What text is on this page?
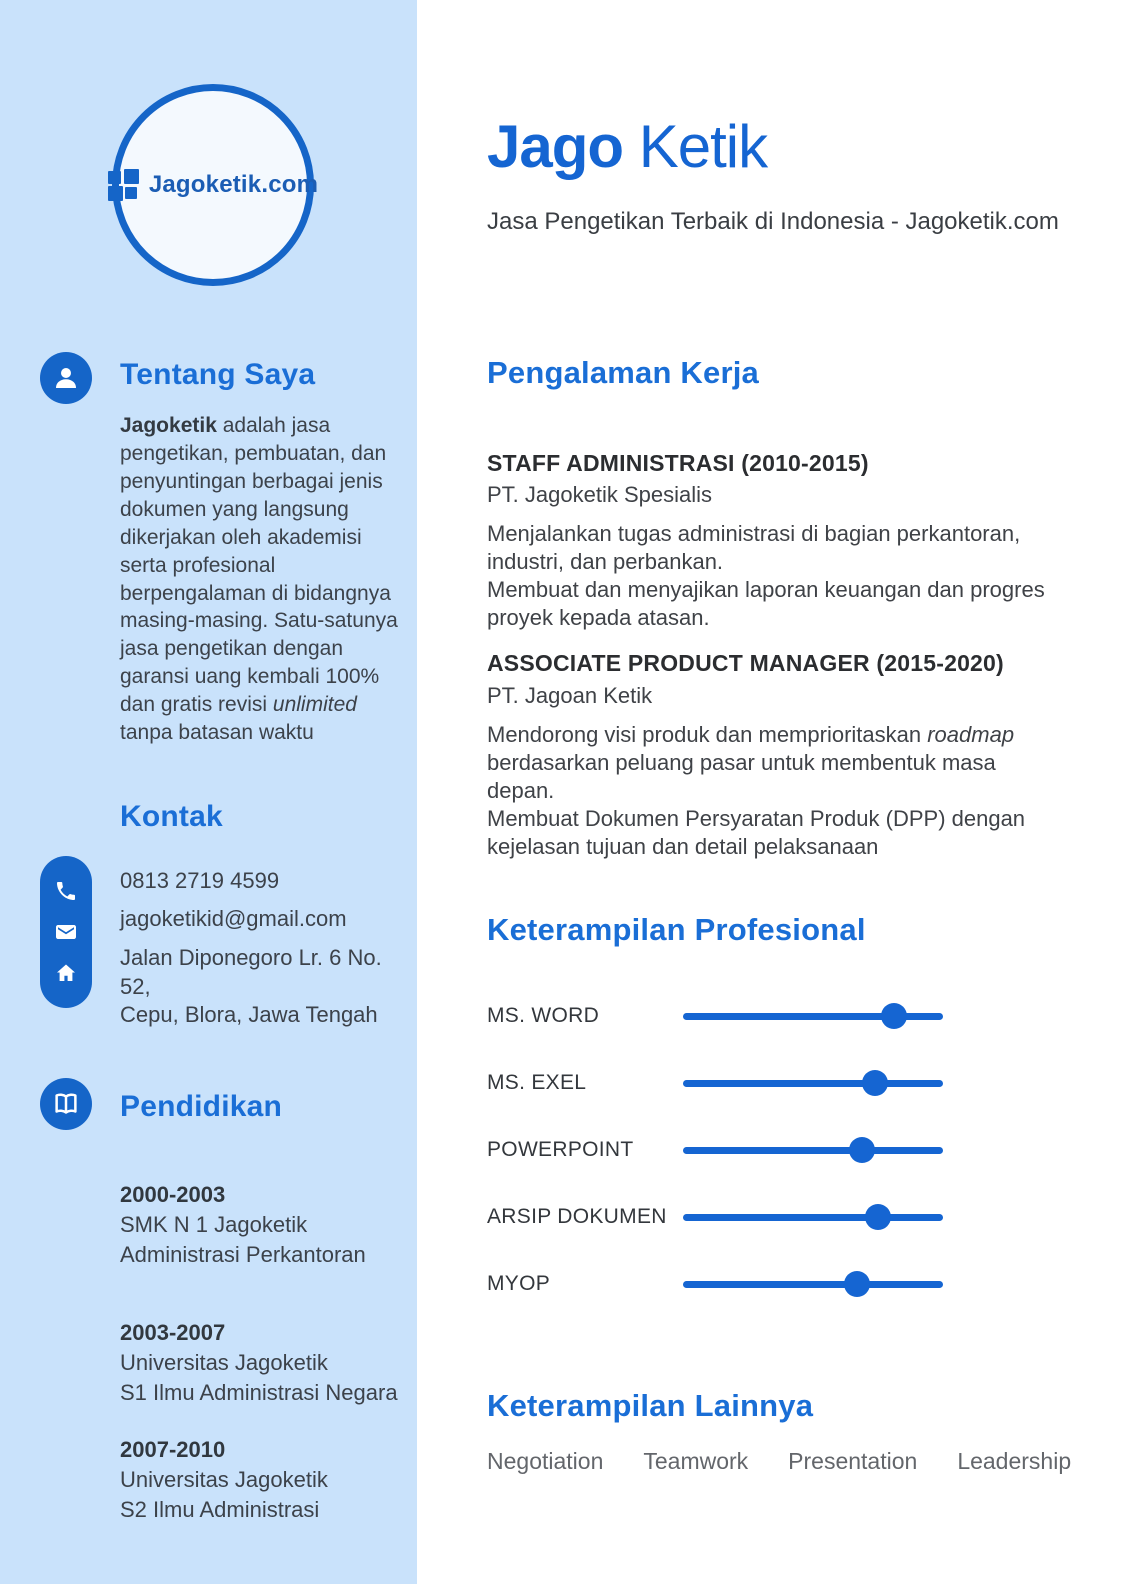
Jagoketik.com
Tentang Saya
Jagoketik adalah jasa pengetikan, pembuatan, dan penyuntingan berbagai jenis dokumen yang langsung dikerjakan oleh akademisi serta profesional berpengalaman di bidangnya masing-masing. Satu-satunya jasa pengetikan dengan garansi uang kembali 100% dan gratis revisi unlimited tanpa batasan waktu
Kontak
0813 2719 4599
jagoketikid@gmail.com
Jalan Diponegoro Lr. 6 No. 52,
Cepu, Blora, Jawa Tengah
Pendidikan
2000-2003
SMK N 1 Jagoketik
Administrasi Perkantoran
2003-2007
Universitas Jagoketik
S1 Ilmu Administrasi Negara
2007-2010
Universitas Jagoketik
S2 Ilmu Administrasi
Jago Ketik
Jasa Pengetikan Terbaik di Indonesia - Jagoketik.com
Pengalaman Kerja
STAFF ADMINISTRASI (2010-2015)
PT. Jagoketik Spesialis
Menjalankan tugas administrasi di bagian perkantoran, industri, dan perbankan.
Membuat dan menyajikan laporan keuangan dan progres proyek kepada atasan.
ASSOCIATE PRODUCT MANAGER (2015-2020)
PT. Jagoan Ketik
Mendorong visi produk dan memprioritaskan roadmap berdasarkan peluang pasar untuk membentuk masa depan.
Membuat Dokumen Persyaratan Produk (DPP) dengan kejelasan tujuan dan detail pelaksanaan
Keterampilan Profesional
MS. WORD
MS. EXEL
POWERPOINT
ARSIP DOKUMEN
MYOP
Keterampilan Lainnya
Negotiation Teamwork Presentation Leadership
